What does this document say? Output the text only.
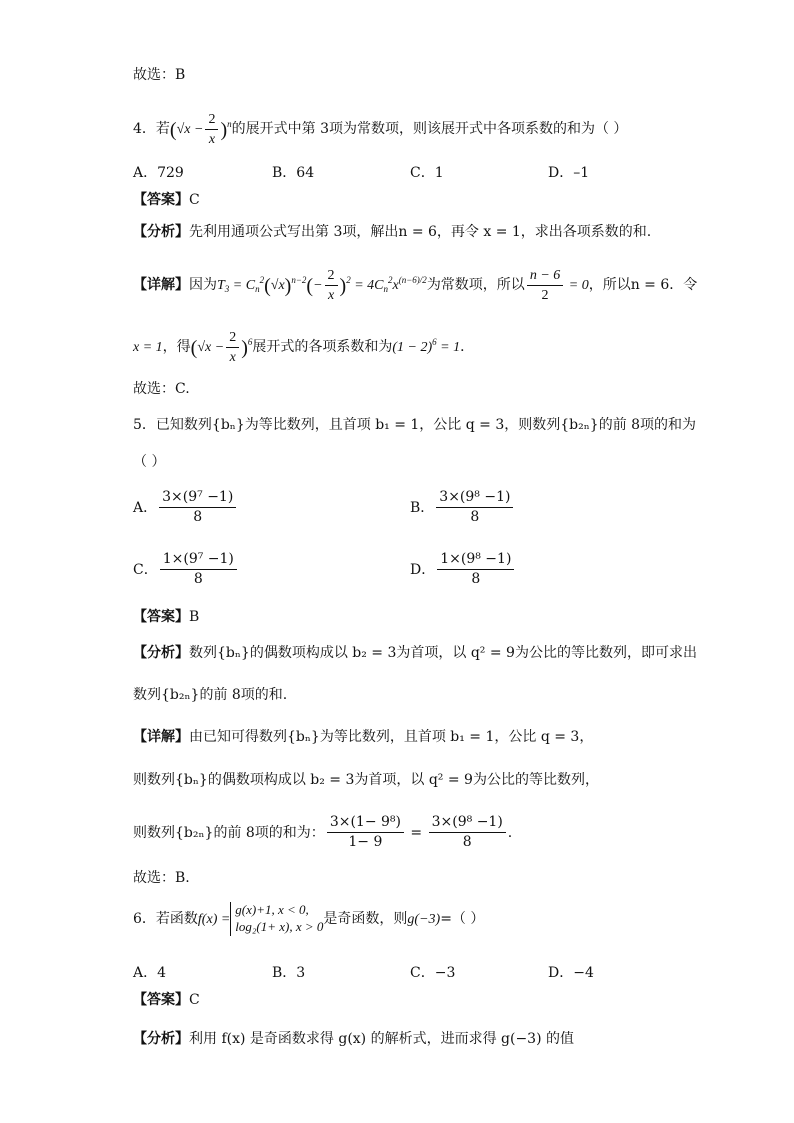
故选：B
4．若$(√x - \frac{2}{x} )^n$的展开式中第 3项为常数项，则该展开式中各项系数的和为（ ）
A．729	B．64	C．1	D．–1
【答案】C
【分析】先利用通项公式写出第 3项，解出n = 6，再令 x = 1，求出各项系数的和.
【详解】因为$T_3 = C_n^2(√x)^{n-2}(- \frac{2}{x} )^2 = 4C_n^2x^{(n-6)/2}$为常数项，所以 $\frac{n - 6}{2} = 0$，所以n = 6．令
x = 1，得$(√x - \frac{2}{x} )^6$展开式的各项系数和为$(1 - 2)^6 = 1$．
故选：C.
5．已知数列{bₙ}为等比数列，且首项 b₁ = 1，公比 q = 3，则数列{b₂ₙ}的前 8项的和为
（ ）
A． $\frac{\text{3×(9⁷ −1)}}{8}$	B． $\frac{\text{3×(9⁸ −1)}}{8}$
C． $\frac{\text{1×(9⁷ −1)}}{8}$	D． $\frac{\text{1×(9⁸ −1)}}{8}$
【答案】B
【分析】数列{bₙ}的偶数项构成以 b₂ = 3为首项，以 q² = 9为公比的等比数列，即可求出
数列{b₂ₙ}的前 8项的和.
【详解】由已知可得数列{bₙ}为等比数列，且首项 b₁ = 1，公比 q = 3，
则数列{bₙ}的偶数项构成以 b₂ = 3为首项，以 q² = 9为公比的等比数列，
则数列{b₂ₙ}的前 8项的和为： $\frac{\text{3×(1− 9⁸)}}{1- 9} = \frac{\text{3×(9⁸ −1)}}{8}$ .
故选：B.
6．若函数f(x) =g(x)+1, x < 0,
log₂(1+ x), x > 0是奇函数，则g(−3)=（ ）
A．4	B．3	C．−3	D．−4
【答案】C
【分析】利用 f(x) 是奇函数求得 g(x) 的解析式，进而求得 g(−3) 的值
